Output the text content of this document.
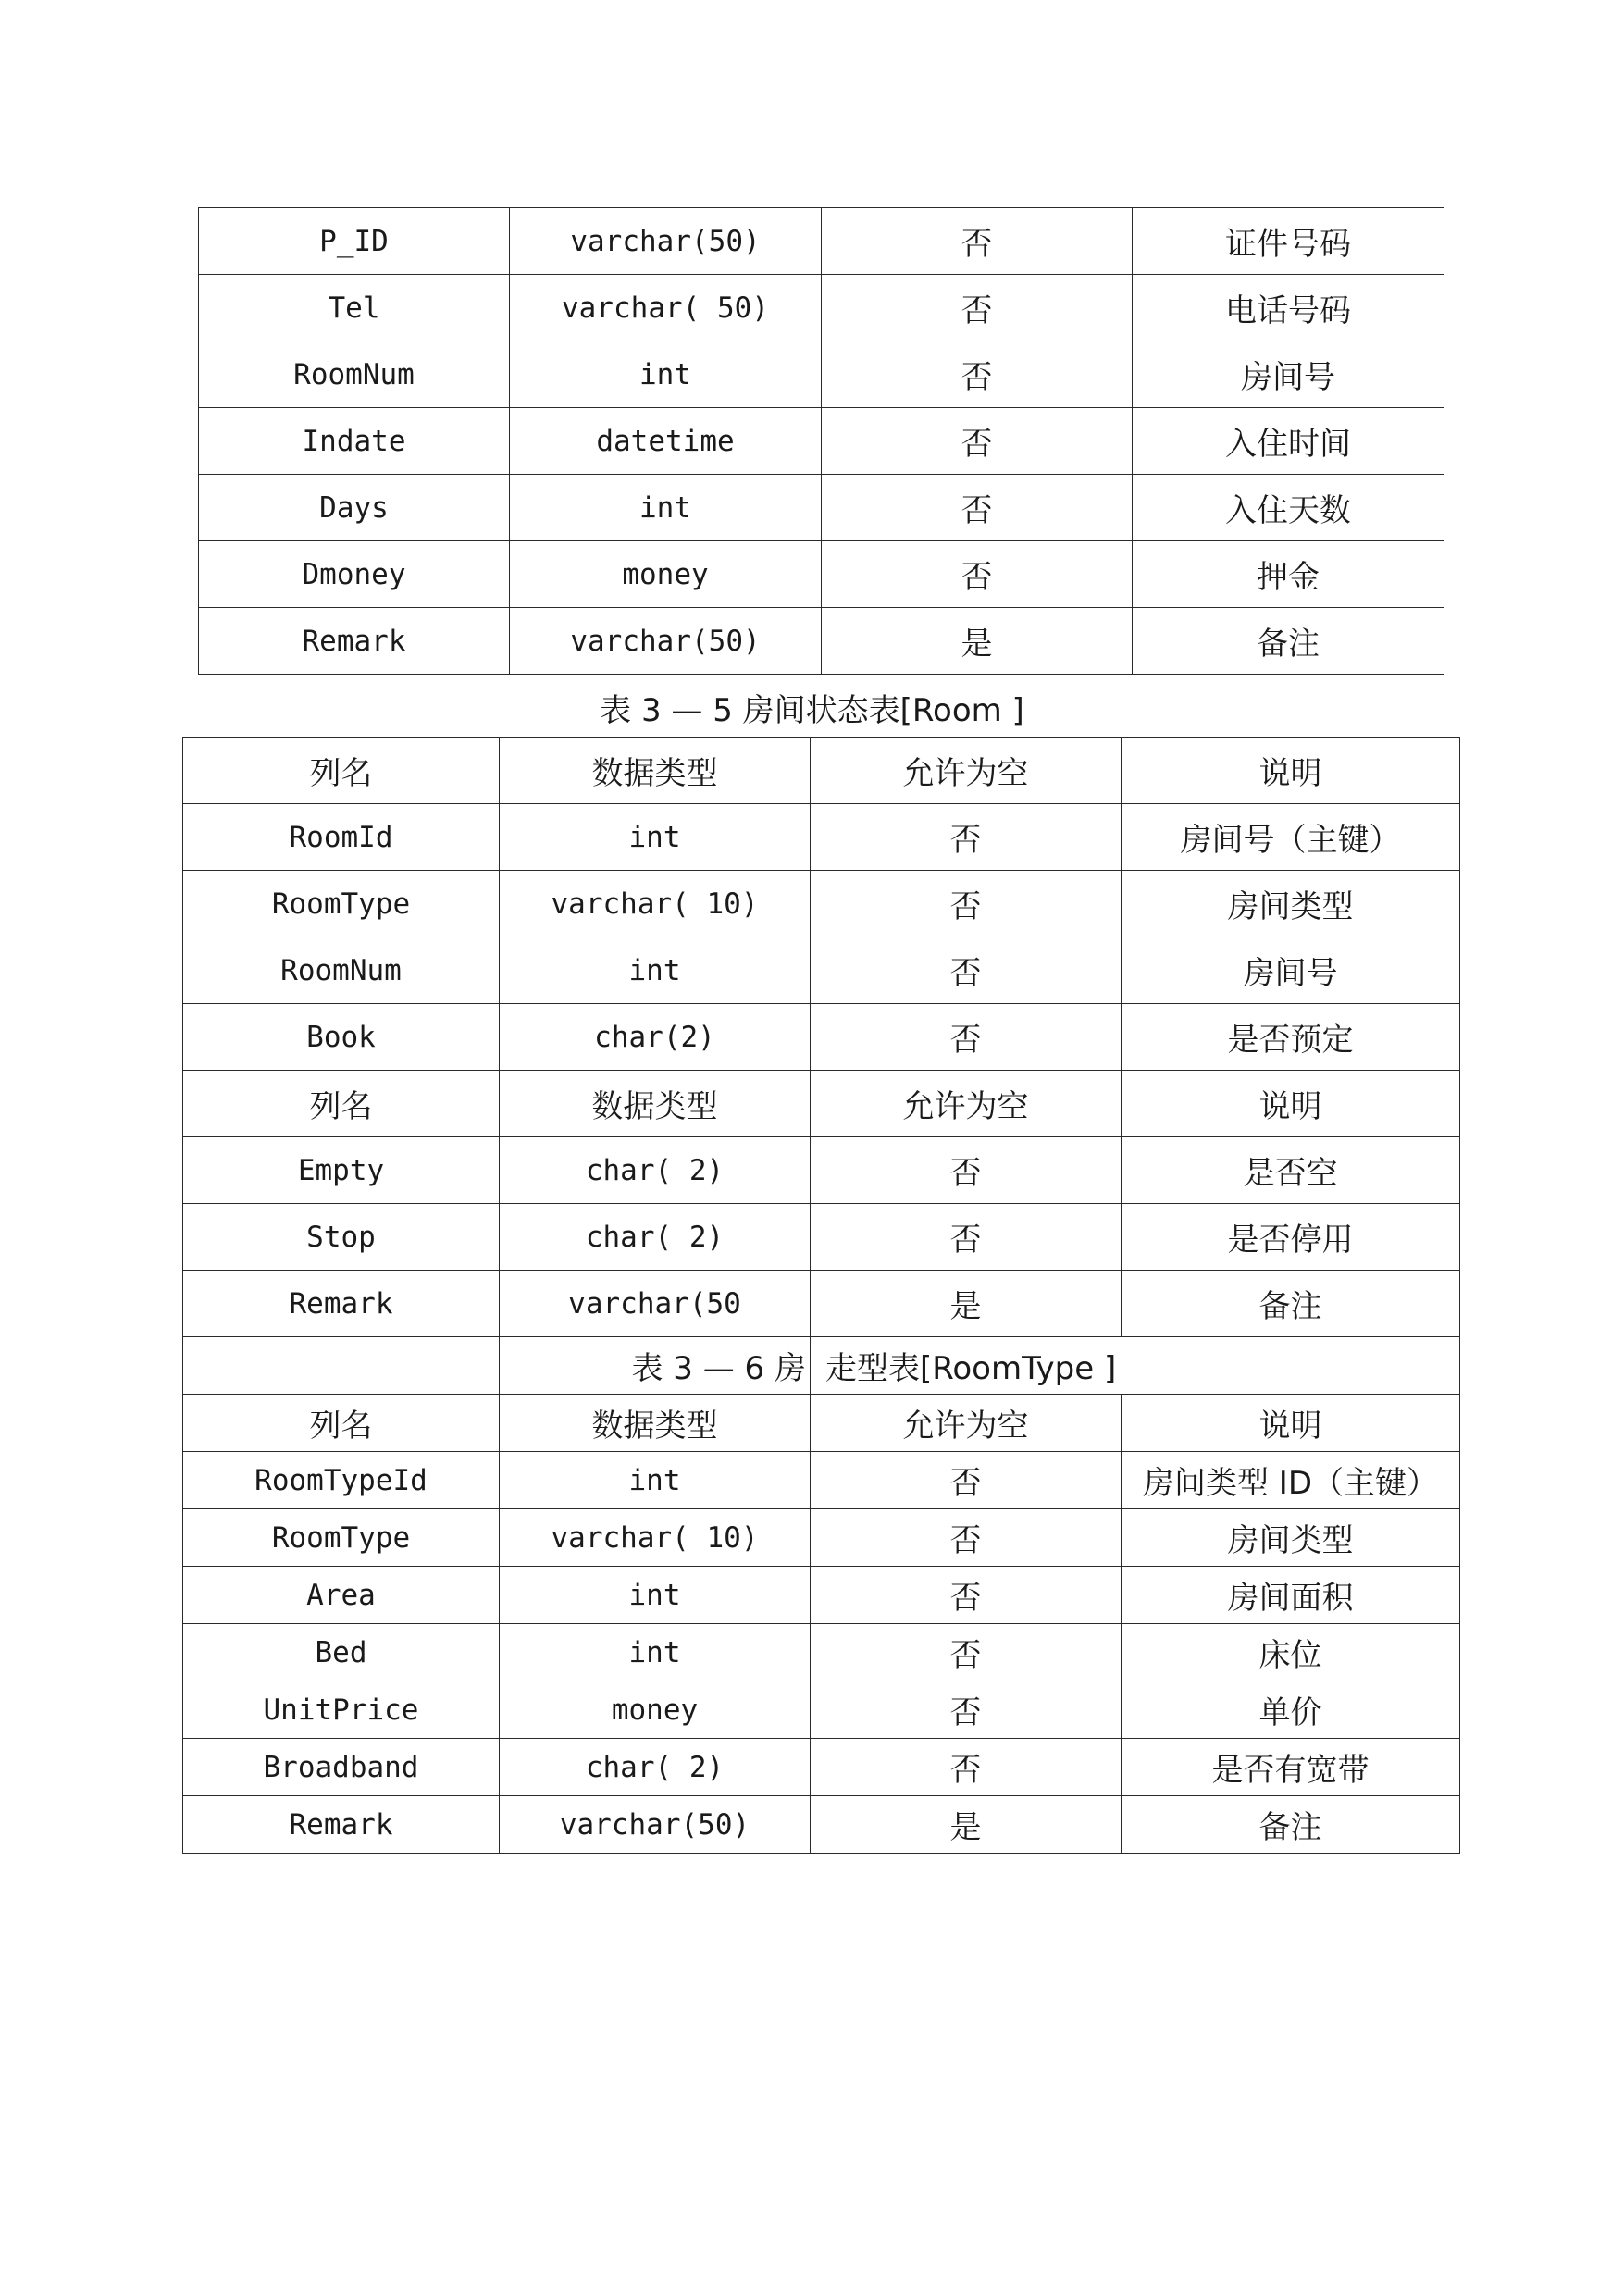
P_ID	varchar(50)	否	证件号码
Tel	varchar( 50)	否	电话号码
RoomNum	int	否	房间号
Indate	datetime	否	入住时间
Days	int	否	入住天数
Dmoney	money	否	押金
Remark	varchar(50)	是	备注
表 3 — 5 房间状态表[Room ]
列名	数据类型	允许为空	说明
RoomId	int	否	房间号（主键）
RoomType	varchar( 10)	否	房间类型
RoomNum	int	否	房间号
Book	char(2)	否	是否预定
列名	数据类型	允许为空	说明
Empty	char( 2)	否	是否空
Stop	char( 2)	否	是否停用
Remark	varchar(50	是	备注
	表 3 — 6 房	走型表[RoomType ]	
列名	数据类型	允许为空	说明
RoomTypeId	int	否	房间类型 ID（主键）
RoomType	varchar( 10)	否	房间类型
Area	int	否	房间面积
Bed	int	否	床位
UnitPrice	money	否	单价
Broadband	char( 2)	否	是否有宽带
Remark	varchar(50)	是	备注
